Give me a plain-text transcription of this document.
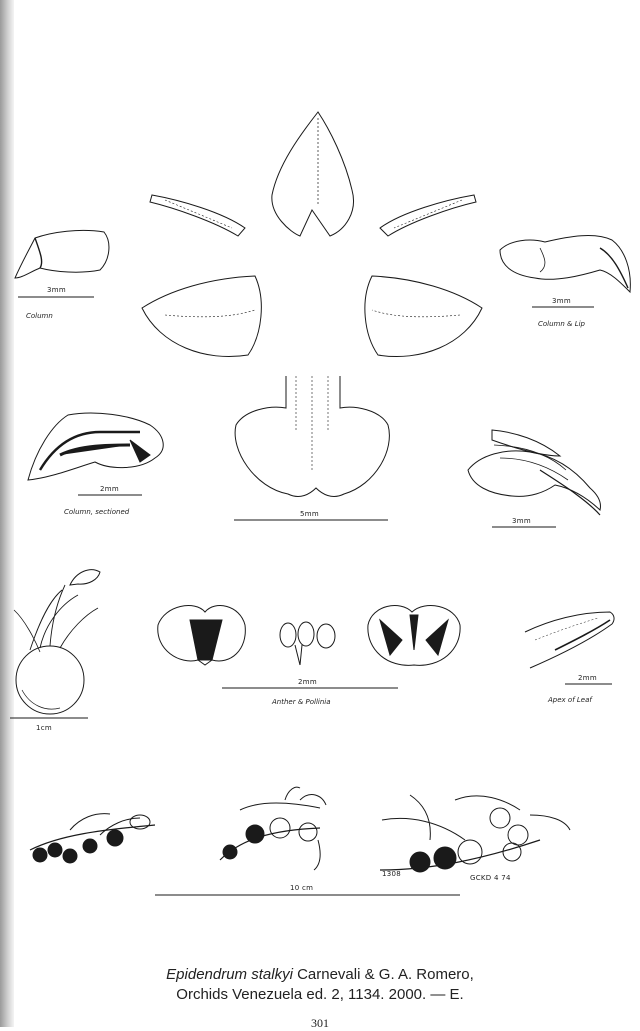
3mm
3mm
2mm
5mm
3mm
1cm
2mm	2mm
10 cm
Column
Column & Lip
Column, sectioned
Anther & Pollinia	Apex of Leaf
1308	GCKD 4 74
Epidendrum stalkyi Carnevali & G. A. Romero,
Orchids Venezuela ed. 2, 1134. 2000. — E.
301
